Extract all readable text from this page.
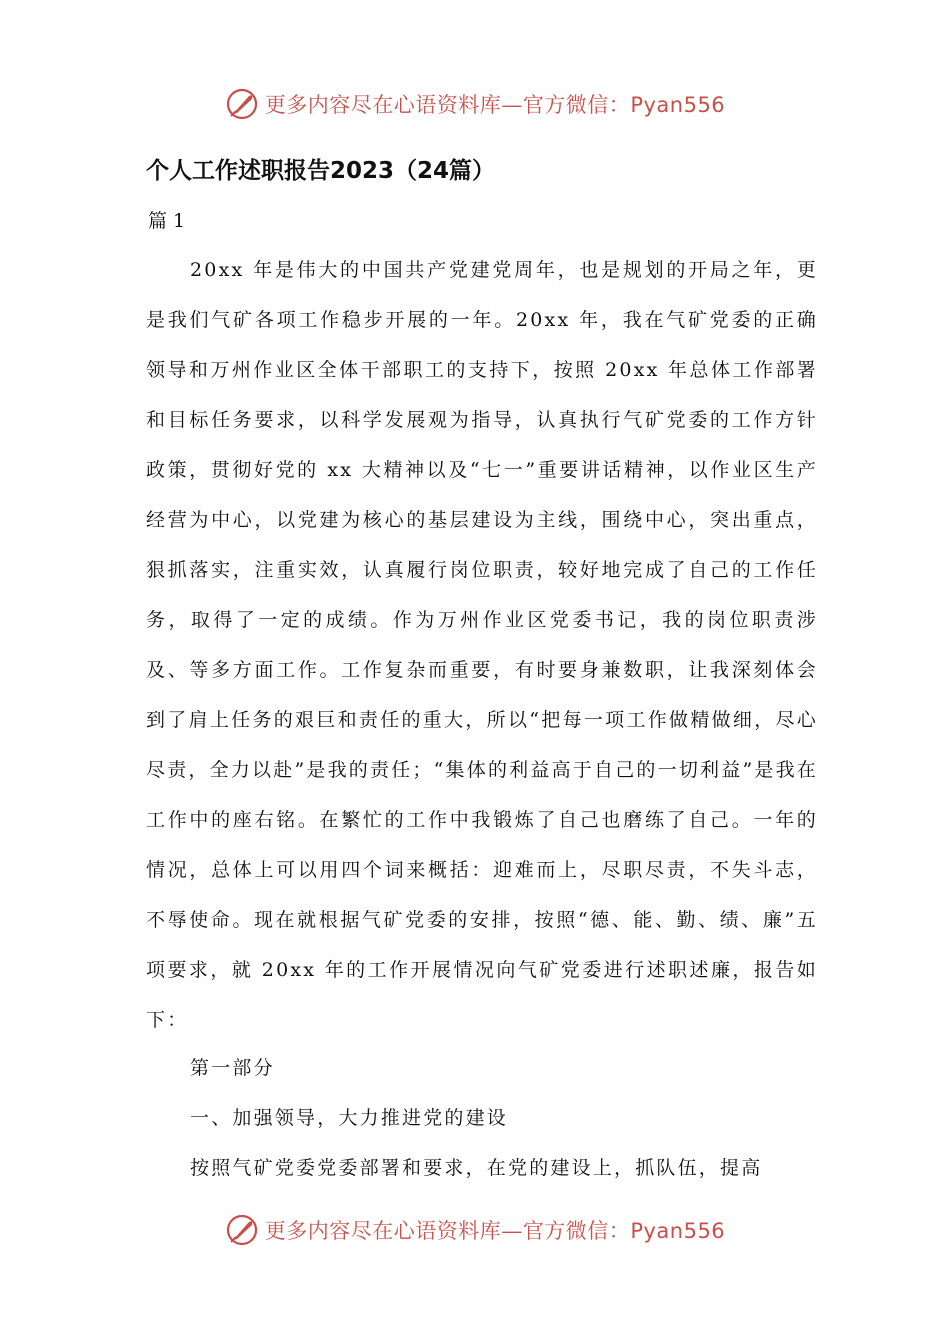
更多内容尽在心语资料库—官方微信：Pyan556
个人工作述职报告2023（24篇）
篇 1

20xx 年是伟大的中国共产党建党周年，也是规划的开局之年，更是我们气矿各项工作稳步开展的一年。20xx 年，我在气矿党委的正确领导和万州作业区全体干部职工的支持下，按照 20xx 年总体工作部署和目标任务要求，以科学发展观为指导，认真执行气矿党委的工作方针政策，贯彻好党的 xx 大精神以及“七一”重要讲话精神，以作业区生产经营为中心，以党建为核心的基层建设为主线，围绕中心，突出重点，狠抓落实，注重实效，认真履行岗位职责，较好地完成了自己的工作任务，取得了一定的成绩。作为万州作业区党委书记，我的岗位职责涉及、等多方面工作。工作复杂而重要，有时要身兼数职，让我深刻体会到了肩上任务的艰巨和责任的重大，所以“把每一项工作做精做细，尽心尽责，全力以赴”是我的责任；“集体的利益高于自己的一切利益”是我在工作中的座右铭。在繁忙的工作中我锻炼了自己也磨练了自己。一年的情况，总体上可以用四个词来概括：迎难而上，尽职尽责，不失斗志，不辱使命。现在就根据气矿党委的安排，按照“德、能、勤、绩、廉”五项要求，就 20xx 年的工作开展情况向气矿党委进行述职述廉，报告如下：

第一部分

一、加强领导，大力推进党的建设

按照气矿党委党委部署和要求，在党的建设上，抓队伍，提高

更多内容尽在心语资料库—官方微信：Pyan556
